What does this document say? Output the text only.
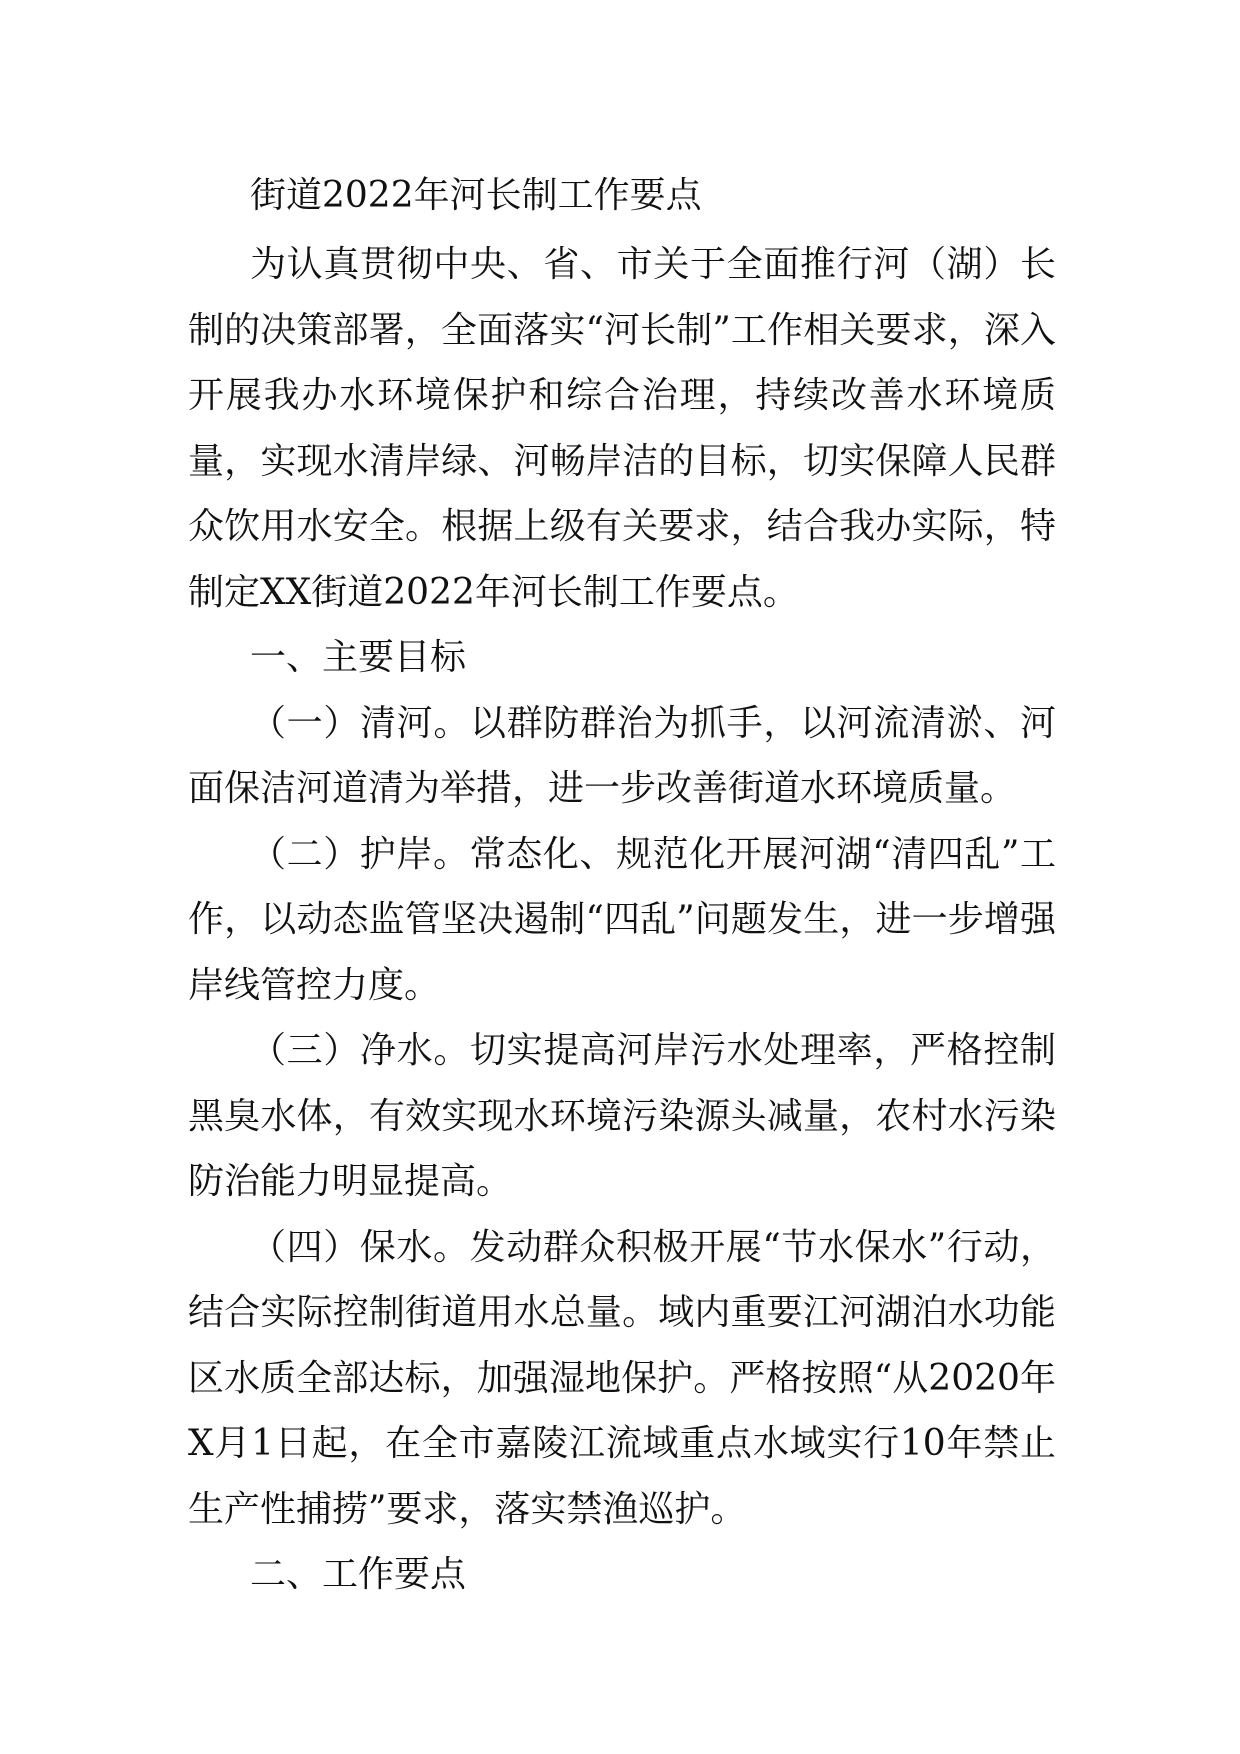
街道2022年河长制工作要点

为认真贯彻中央、省、市关于全面推行河（湖）长制的决策部署，全面落实“河长制”工作相关要求，深入开展我办水环境保护和综合治理，持续改善水环境质量，实现水清岸绿、河畅岸洁的目标，切实保障人民群众饮用水安全。根据上级有关要求，结合我办实际，特制定XX街道2022年河长制工作要点。

一、主要目标

（一）清河。以群防群治为抓手，以河流清淤、河面保洁河道清为举措，进一步改善街道水环境质量。

（二）护岸。常态化、规范化开展河湖“清四乱”工作，以动态监管坚决遏制“四乱”问题发生，进一步增强岸线管控力度。

（三）净水。切实提高河岸污水处理率，严格控制黑臭水体，有效实现水环境污染源头减量，农村水污染防治能力明显提高。

（四）保水。发动群众积极开展“节水保水”行动，结合实际控制街道用水总量。域内重要江河湖泊水功能区水质全部达标，加强湿地保护。严格按照“从2020年X月1日起，在全市嘉陵江流域重点水域实行10年禁止生产性捕捞”要求，落实禁渔巡护。

二、工作要点
